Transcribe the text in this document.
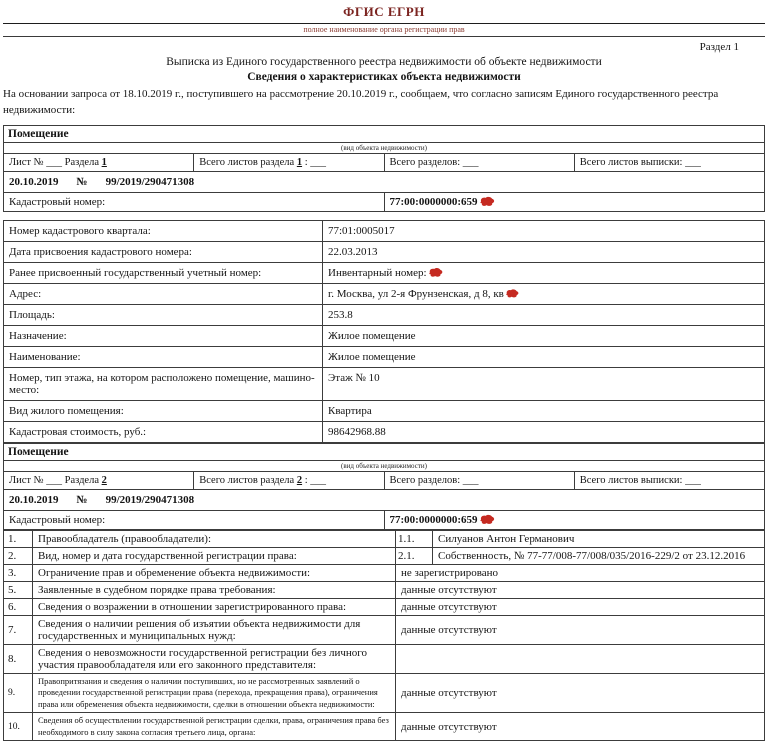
ФГИС ЕГРН
полное наименование органа регистрации прав
Раздел 1
Выписка из Единого государственного реестра недвижимости об объекте недвижимости
Сведения о характеристиках объекта недвижимости
На основании запроса от 18.10.2019 г., поступившего на рассмотрение 20.10.2019 г., сообщаем, что согласно записям Единого государственного реестра недвижимости:
Помещение			
(вид объекта недвижимости)			
Лист № ___ Раздела 1	Всего листов раздела 1 : ___	Всего разделов: ___	Всего листов выписки: ___
20.10.2019 № 99/2019/290471308			
Кадастровый номер:		77:00:0000000:659	
Номер кадастрового квартала:	77:01:0005017
Дата присвоения кадастрового номера:	22.03.2013
Ранее присвоенный государственный учетный номер:	Инвентарный номер:
Адрес:	г. Москва, ул 2-я Фрунзенская, д 8, кв
Площадь:	253.8
Назначение:	Жилое помещение
Наименование:	Жилое помещение
Номер, тип этажа, на котором расположено помещение, машино-место:	Этаж № 10
Вид жилого помещения:	Квартира
Кадастровая стоимость, руб.:	98642968.88
Помещение			
(вид объекта недвижимости)			
Лист № ___ Раздела 2	Всего листов раздела 2 : ___	Всего разделов: ___	Всего листов выписки: ___
20.10.2019 № 99/2019/290471308			
Кадастровый номер:		77:00:0000000:659	
1.	Правообладатель (правообладатели):	1.1.	Силуанов Антон Германович
2.	Вид, номер и дата государственной регистрации права:	2.1.	Собственность, № 77-77/008-77/008/035/2016-229/2 от 23.12.2016
3.	Ограничение прав и обременение объекта недвижимости:	не зарегистрировано	
5.	Заявленные в судебном порядке права требования:	данные отсутствуют	
6.	Сведения о возражении в отношении зарегистрированного права:	данные отсутствуют	
7.	Сведения о наличии решения об изъятии объекта недвижимости для государственных и муниципальных нужд:	данные отсутствуют	
8.	Сведения о невозможности государственной регистрации без личного участия правообладателя или его законного представителя:		
9.	Правопритязания и сведения о наличии поступивших, но не рассмотренных заявлений о проведении государственной регистрации права (перехода, прекращения права), ограничения права или обременения объекта недвижимости, сделки в отношении объекта недвижимости:	данные отсутствуют	
10.	Сведения об осуществлении государственной регистрации сделки, права, ограничения права без необходимого в силу закона согласия третьего лица, органа:	данные отсутствуют	
